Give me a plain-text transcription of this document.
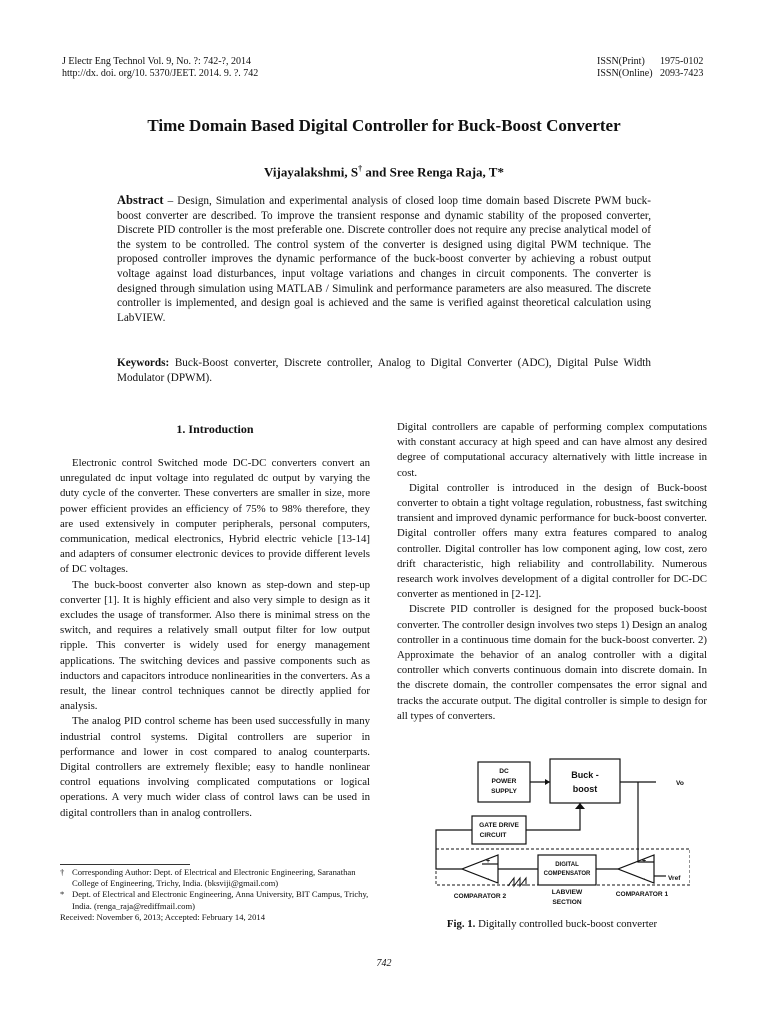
J Electr Eng Technol Vol. 9, No. ?: 742-?, 2014
http://dx. doi. org/10. 5370/JEET. 2014. 9. ?. 742
ISSN(Print) 1975-0102
ISSN(Online) 2093-7423
Time Domain Based Digital Controller for Buck-Boost Converter
Vijayalakshmi, S† and Sree Renga Raja, T*
Abstract – Design, Simulation and experimental analysis of closed loop time domain based Discrete PWM buck-boost converter are described. To improve the transient response and dynamic stability of the proposed converter, Discrete PID controller is the most preferable one. Discrete controller does not require any precise analytical model of the system to be controlled. The control system of the converter is designed using digital PWM technique. The proposed controller improves the dynamic performance of the buck-boost converter by achieving a robust output voltage against load disturbances, input voltage variations and changes in circuit components. The converter is designed through simulation using MATLAB / Simulink and performance parameters are also measured. The discrete controller is implemented, and design goal is achieved and the same is verified against theoretical calculation using LabVIEW.
Keywords: Buck-Boost converter, Discrete controller, Analog to Digital Converter (ADC), Digital Pulse Width Modulator (DPWM).
1. Introduction

Electronic control Switched mode DC-DC converters convert an unregulated dc input voltage into regulated dc output by varying the duty cycle of the converter. These converters are smaller in size, more power efficient provides an efficiency of 75% to 98% therefore, they are used extensively in computer peripherals, personal computers, communication, medical electronics, Hybrid electric vehicle [13-14] and adapters of consumer electronic devices to provide different levels of DC voltages.

The buck-boost converter also known as step-down and step-up converter [1]. It is highly efficient and also very simple to design as it excludes the usage of transformer. Also there is minimal stress on the switch, and requires a relatively small output filter for low output ripple. This converter is widely used for energy management applications. The switching devices and passive components such as inductors and capacitors introduce nonlinearities in the converters. As a result, the linear control techniques cannot be directly applied for analysis.

The analog PID control scheme has been used successfully in many industrial control systems. Digital controllers are superior in performance and lower in cost compared to analog counterparts. Digital controllers are extremely flexible; easy to handle nonlinear control equations involving complicated computations or logical operations. A very much wider class of control laws can be used in digital controllers than in analog controllers.

Digital controllers are capable of performing complex computations with constant accuracy at high speed and can have almost any desired degree of computational accuracy alternatively with little increase in cost.

Digital controller is introduced in the design of Buck-boost converter to obtain a tight voltage regulation, robustness, fast switching transient and improved dynamic performance for buck-boost converter. Digital controller offers many extra features compared to analog controller. Digital controller has low component aging, low cost, zero drift characteristic, high reliability and controllability. Numerous research work involves development of a digital controller for DC-DC converter as mentioned in [2-12].

Discrete PID controller is designed for the proposed buck-boost converter. The controller design involves two steps 1) Design an analog controller in a continuous time domain for the buck-boost converter. 2) Approximate the behavior of an analog controller with a digital controller which converts continuous domain into discrete domain. In the discrete domain, the controller compensates the error signal and tracks the accurate output. The digital controller is simple to design for all types of converters.

† Corresponding Author: Dept. of Electrical and Electronic Engineering, Saranathan College of Engineering, Trichy, India. (bksviji@gmail.com)
* Dept. of Electrical and Electronic Engineering, Anna University, BIT Campus, Trichy, India. (renga_raja@rediffmail.com)
Received: November 6, 2013; Accepted: February 14, 2014
DC
POWER
SUPPLY
Buck -
boost
GATE DRIVE
CIRCUIT
DIGITAL
COMPENSATOR
LABVIEW
SECTION
COMPARATOR 2	COMPARATOR 1
Vo
Vref
+
-
+
-
Fig. 1. Digitally controlled buck-boost converter
742
